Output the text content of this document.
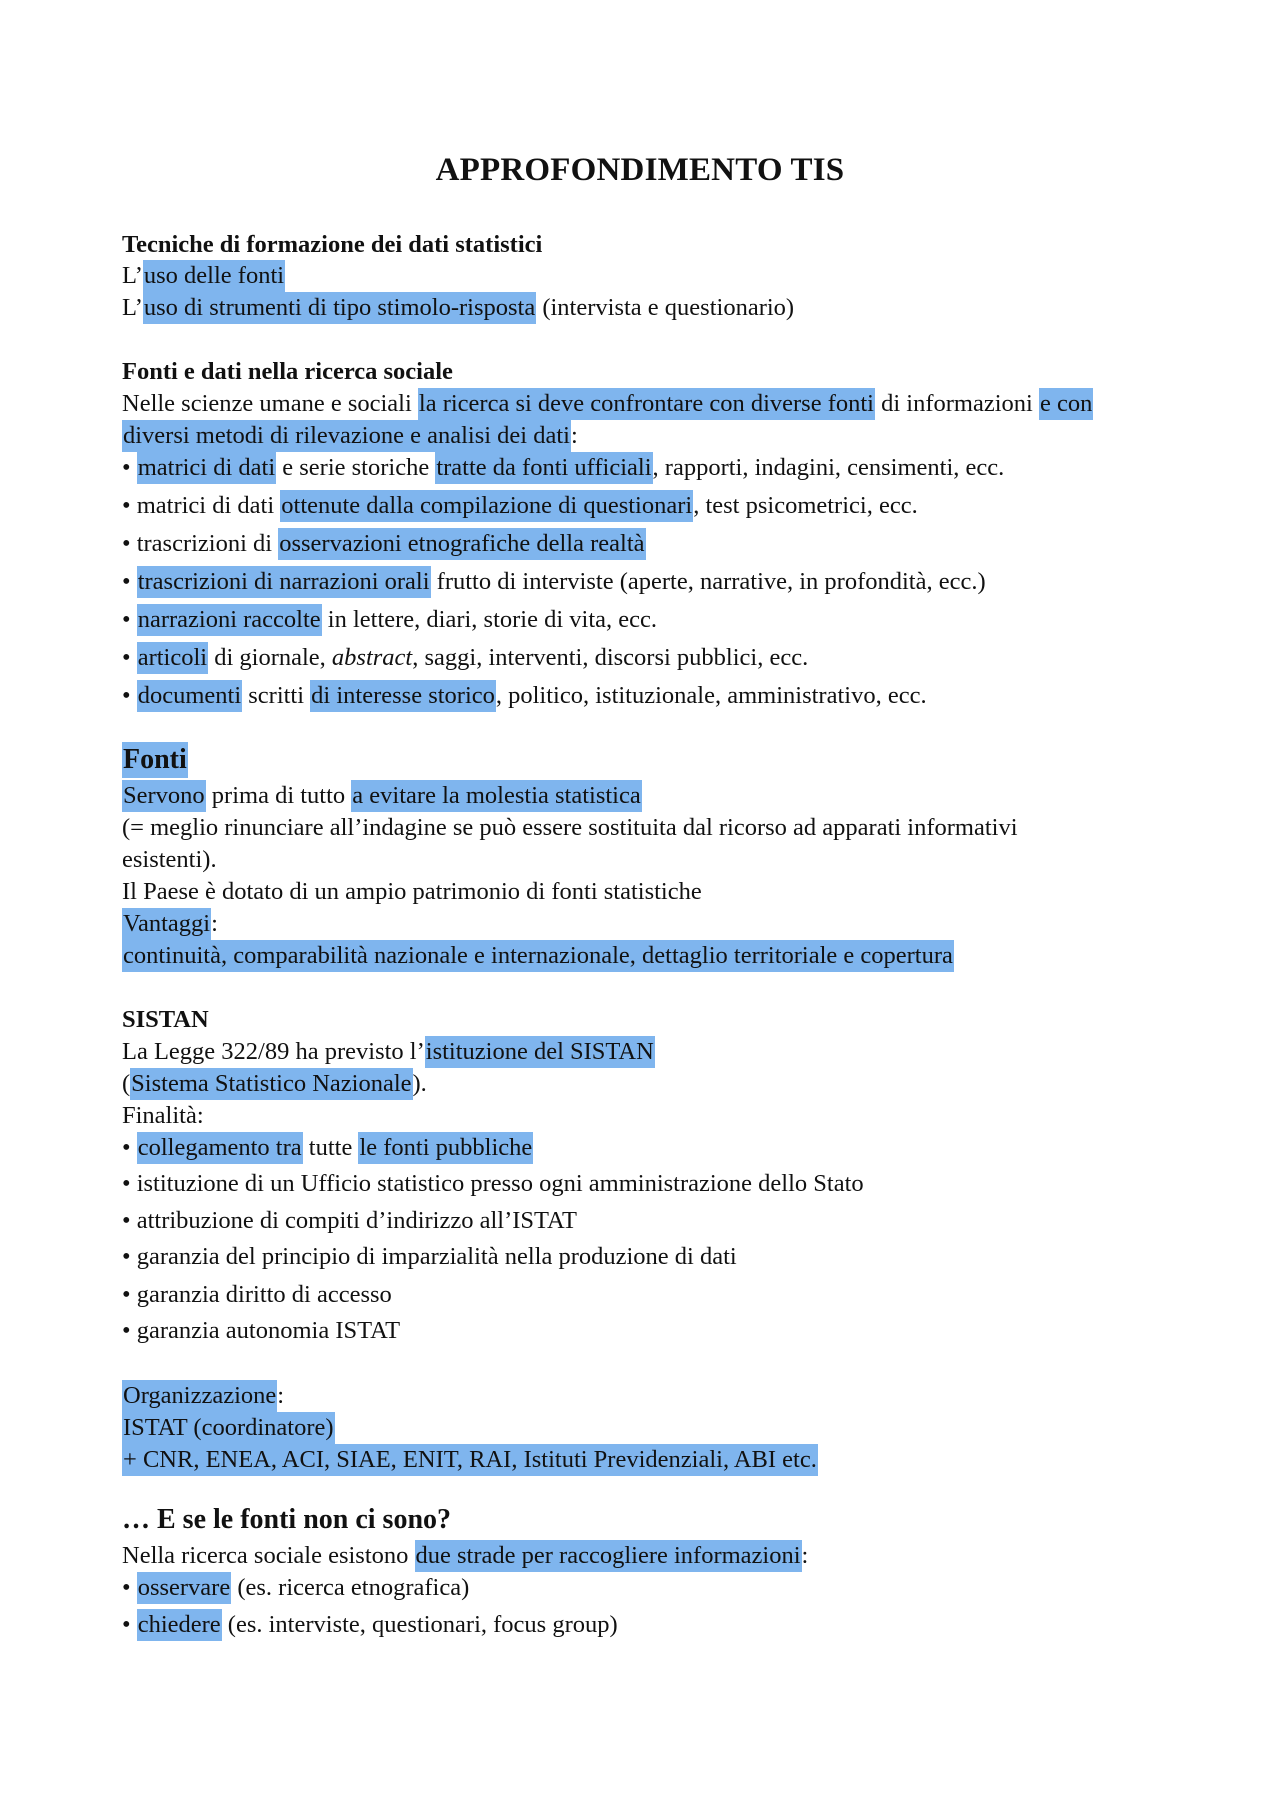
APPROFONDIMENTO TIS
Tecniche di formazione dei dati statistici
L’uso delle fonti
L’uso di strumenti di tipo stimolo-risposta (intervista e questionario)
Fonti e dati nella ricerca sociale
Nelle scienze umane e sociali la ricerca si deve confrontare con diverse fonti di informazioni e con
diversi metodi di rilevazione e analisi dei dati:
• matrici di dati e serie storiche tratte da fonti ufficiali, rapporti, indagini, censimenti, ecc.
• matrici di dati ottenute dalla compilazione di questionari, test psicometrici, ecc.
• trascrizioni di osservazioni etnografiche della realtà
• trascrizioni di narrazioni orali frutto di interviste (aperte, narrative, in profondità, ecc.)
• narrazioni raccolte in lettere, diari, storie di vita, ecc.
• articoli di giornale, abstract, saggi, interventi, discorsi pubblici, ecc.
• documenti scritti di interesse storico, politico, istituzionale, amministrativo, ecc.
Fonti
Servono prima di tutto a evitare la molestia statistica
(= meglio rinunciare all’indagine se può essere sostituita dal ricorso ad apparati informativi
esistenti).
Il Paese è dotato di un ampio patrimonio di fonti statistiche
Vantaggi:
continuità, comparabilità nazionale e internazionale, dettaglio territoriale e copertura
SISTAN
La Legge 322/89 ha previsto l’istituzione del SISTAN
(Sistema Statistico Nazionale).
Finalità:
• collegamento tra tutte le fonti pubbliche
• istituzione di un Ufficio statistico presso ogni amministrazione dello Stato
• attribuzione di compiti d’indirizzo all’ISTAT
• garanzia del principio di imparzialità nella produzione di dati
• garanzia diritto di accesso
• garanzia autonomia ISTAT
Organizzazione:
ISTAT (coordinatore)
+ CNR, ENEA, ACI, SIAE, ENIT, RAI, Istituti Previdenziali, ABI etc.
… E se le fonti non ci sono?
Nella ricerca sociale esistono due strade per raccogliere informazioni:
• osservare (es. ricerca etnografica)
• chiedere (es. interviste, questionari, focus group)
